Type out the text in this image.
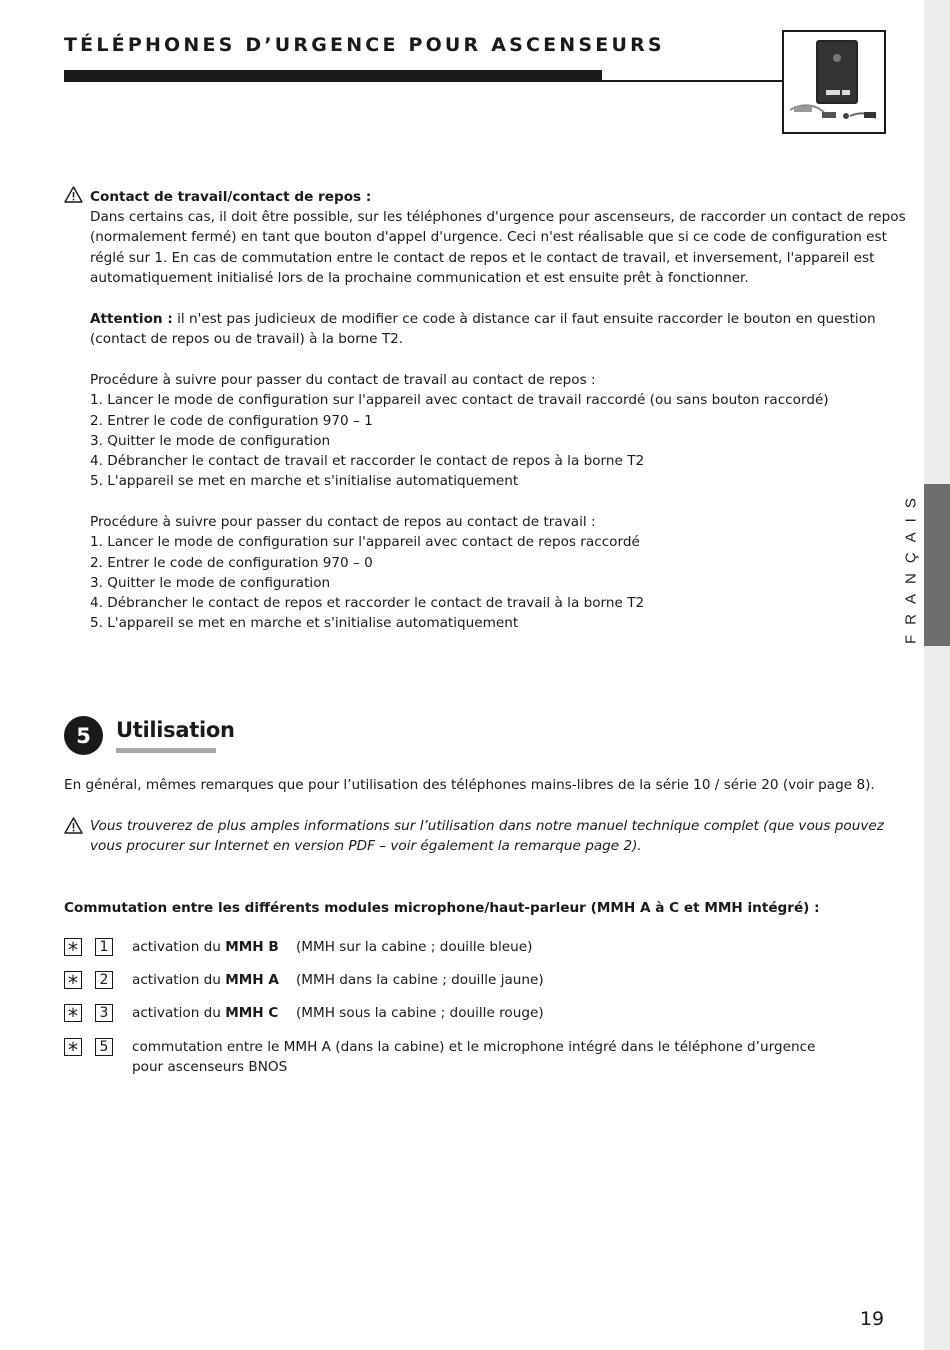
FRANÇAIS
TÉLÉPHONES D’URGENCE POUR ASCENSEURS
Contact de travail/contact de repos :
Dans certains cas, il doit être possible, sur les téléphones d'urgence pour ascenseurs, de raccorder un contact de repos
(normalement fermé) en tant que bouton d'appel d'urgence. Ceci n'est réalisable que si ce code de configuration est
réglé sur 1. En cas de commutation entre le contact de repos et le contact de travail, et inversement, l'appareil est
automatiquement initialisé lors de la prochaine communication et est ensuite prêt à fonctionner.
Attention : il n'est pas judicieux de modifier ce code à distance car il faut ensuite raccorder le bouton en question
(contact de repos ou de travail) à la borne T2.
Procédure à suivre pour passer du contact de travail au contact de repos :
1. Lancer le mode de configuration sur l'appareil avec contact de travail raccordé (ou sans bouton raccordé)
2. Entrer le code de configuration 970 – 1
3. Quitter le mode de configuration
4. Débrancher le contact de travail et raccorder le contact de repos à la borne T2
5. L'appareil se met en marche et s'initialise automatiquement
Procédure à suivre pour passer du contact de repos au contact de travail :
1. Lancer le mode de configuration sur l'appareil avec contact de repos raccordé
2. Entrer le code de configuration 970 – 0
3. Quitter le mode de configuration
4. Débrancher le contact de repos et raccorder le contact de travail à la borne T2
5. L'appareil se met en marche et s'initialise automatiquement
5	Utilisation
En général, mêmes remarques que pour l’utilisation des téléphones mains-libres de la série 10 / série 20 (voir page 8).
Vous trouverez de plus amples informations sur l’utilisation dans notre manuel technique complet (que vous pouvez
vous procurer sur Internet en version PDF – voir également la remarque page 2).
Commutation entre les différents modules microphone/haut-parleur (MMH A à C et MMH intégré) :
*	1	activation du MMH B (MMH sur la cabine ; douille bleue)
*	2	activation du MMH A (MMH dans la cabine ; douille jaune)
*	3	activation du MMH C (MMH sous la cabine ; douille rouge)
*	5	commutation entre le MMH A (dans la cabine) et le microphone intégré dans le téléphone d’urgence
pour ascenseurs BNOS
19
